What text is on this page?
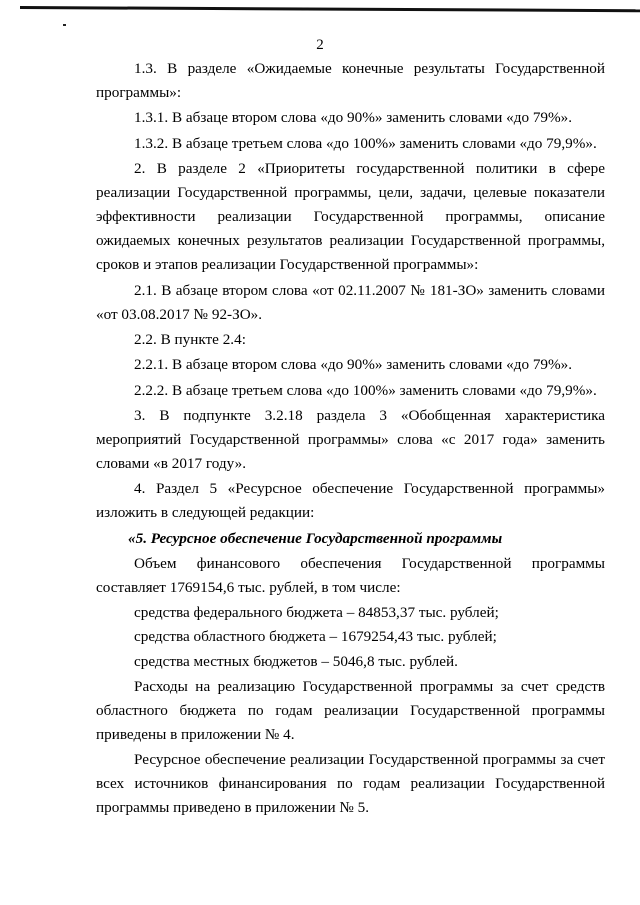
2

1.3. В разделе «Ожидаемые конечные результаты Государственной программы»:

1.3.1. В абзаце втором слова «до 90%» заменить словами «до 79%».

1.3.2. В абзаце третьем слова «до 100%» заменить словами «до 79,9%».

2. В разделе 2 «Приоритеты государственной политики в сфере реализации Государственной программы, цели, задачи, целевые показатели эффективности реализации Государственной программы, описание ожидаемых конечных результатов реализации Государственной программы, сроков и этапов реализации Государственной программы»:

2.1. В абзаце втором слова «от 02.11.2007 № 181-ЗО» заменить словами «от 03.08.2017 № 92-ЗО».

2.2. В пункте 2.4:

2.2.1. В абзаце втором слова «до 90%» заменить словами «до 79%».

2.2.2. В абзаце третьем слова «до 100%» заменить словами «до 79,9%».

3. В подпункте 3.2.18 раздела 3 «Обобщенная характеристика мероприятий Государственной программы» слова «с 2017 года» заменить словами «в 2017 году».

4. Раздел 5 «Ресурсное обеспечение Государственной программы» изложить в следующей редакции:

«5. Ресурсное обеспечение Государственной программы

Объем финансового обеспечения Государственной программы составляет 1769154,6 тыс. рублей, в том числе:

средства федерального бюджета – 84853,37 тыс. рублей;

средства областного бюджета – 1679254,43 тыс. рублей;

средства местных бюджетов – 5046,8 тыс. рублей.

Расходы на реализацию Государственной программы за счет средств областного бюджета по годам реализации Государственной программы приведены в приложении № 4.

Ресурсное обеспечение реализации Государственной программы за счет всех источников финансирования по годам реализации Государственной программы приведено в приложении № 5.
